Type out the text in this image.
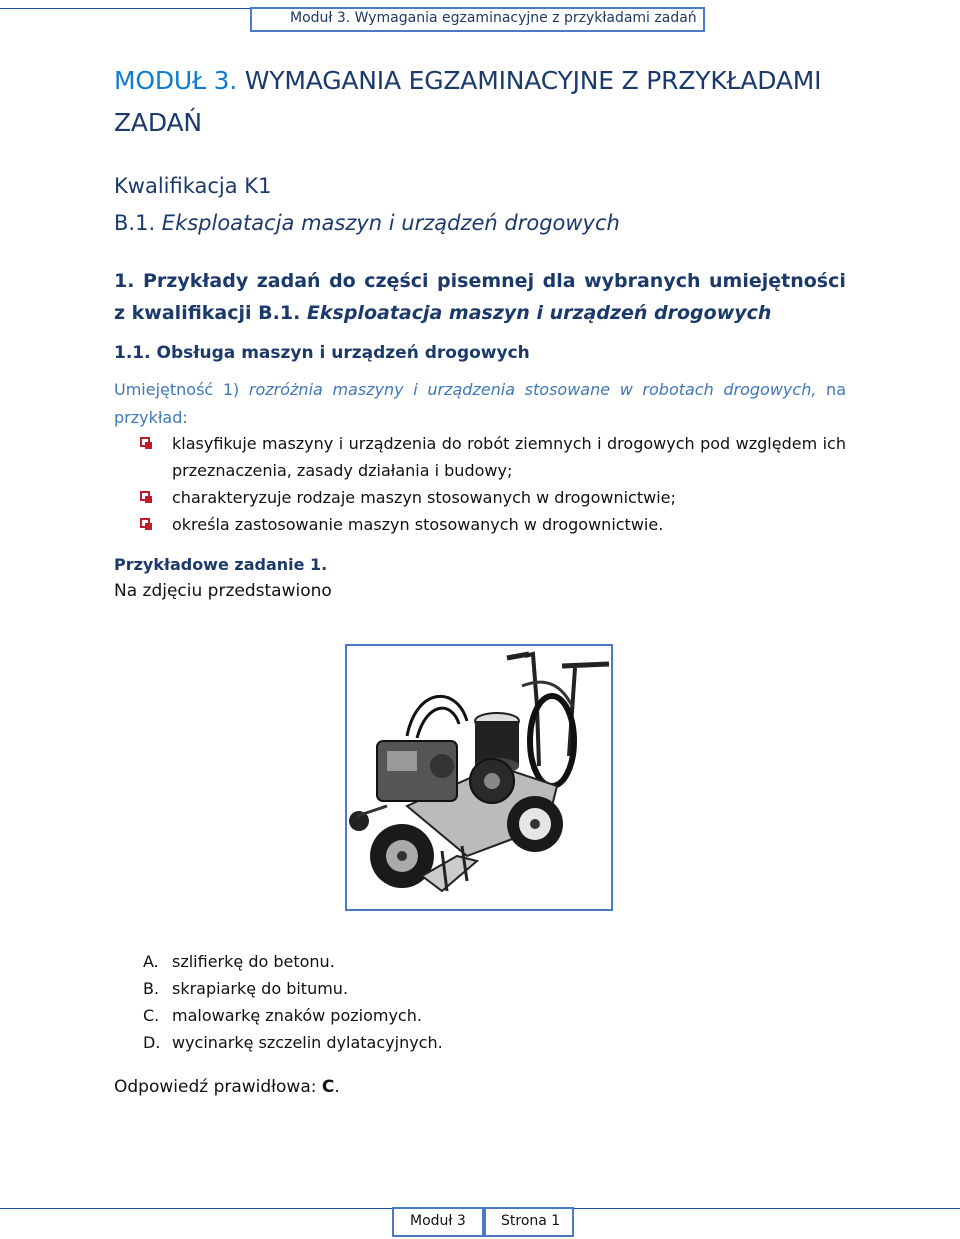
Moduł 3. Wymagania egzaminacyjne z przykładami zadań
MODUŁ 3. WYMAGANIA EGZAMINACYJNE Z PRZYKŁADAMI ZADAŃ
Kwalifikacja K1
B.1. Eksploatacja maszyn i urządzeń drogowych
1. Przykłady zadań do części pisemnej dla wybranych umiejętności
z kwalifikacji B.1. Eksploatacja maszyn i urządzeń drogowych
1.1. Obsługa maszyn i urządzeń drogowych
Umiejętność 1) rozróżnia maszyny i urządzenia stosowane w robotach drogowych, na przykład:
klasyfikuje maszyny i urządzenia do robót ziemnych i drogowych pod względem ich przeznaczenia, zasady działania i budowy;
charakteryzuje rodzaje maszyn stosowanych w drogownictwie;
określa zastosowanie maszyn stosowanych w drogownictwie.
Przykładowe zadanie 1.
Na zdjęciu przedstawiono
A. szlifierkę do betonu.
B. skrapiarkę do bitumu.
C. malowarkę znaków poziomych.
D. wycinarkę szczelin dylatacyjnych.
Odpowiedź prawidłowa: C.
Moduł 3	Strona 1
